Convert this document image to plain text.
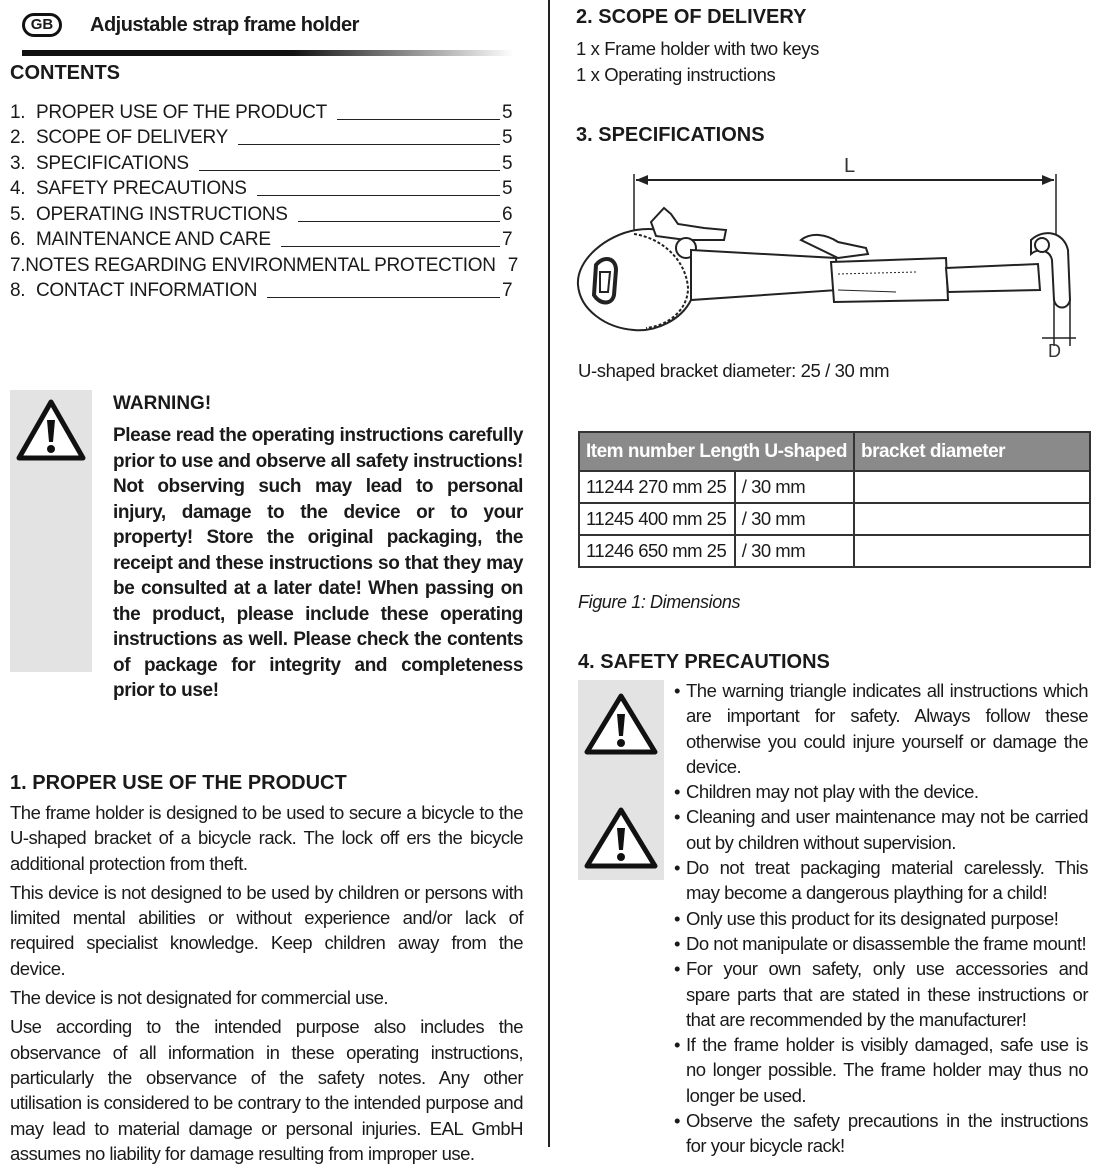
GB	Adjustable strap frame holder
CONTENTS
1. PROPER USE OF THE PRODUCT	5
2. SCOPE OF DELIVERY	5
3. SPECIFICATIONS	5
4. SAFETY PRECAUTIONS	5
5. OPERATING INSTRUCTIONS	6
6. MAINTENANCE AND CARE	7
7. NOTES REGARDING ENVIRONMENTAL PROTECTION 7
8. CONTACT INFORMATION	7
WARNING!

Please read the operating instructions carefully prior to use and observe all safety instructions! Not observing such may lead to personal injury, damage to the device or to your property! Store the original packaging, the receipt and these instructions so that they may be consulted at a later date! When passing on the product, please include these operating instructions as well. Please check the contents of package for integrity and completeness prior to use!

1. PROPER USE OF THE PRODUCT

The frame holder is designed to be used to secure a bicycle to the U-shaped bracket of a bicycle rack. The lock off ers the bicycle additional protection from theft.

This device is not designed to be used by children or persons with limited mental abilities or without experience and/or lack of required specialist knowledge. Keep children away from the device.

The device is not designated for commercial use.

Use according to the intended purpose also includes the observance of all information in these operating instructions, particularly the observance of the safety notes. Any other utilisation is considered to be contrary to the intended purpose and may lead to material damage or personal injuries. EAL GmbH assumes no liability for damage resulting from improper use.

2. SCOPE OF DELIVERY
1 x Frame holder with two keys
1 x Operating instructions
3. SPECIFICATIONS
L
D
U-shaped bracket diameter: 25 / 30 mm
Item number Length U-shaped		bracket diameter
11244 270 mm 25	/ 30 mm	
11245 400 mm 25	/ 30 mm	
11246 650 mm 25	/ 30 mm	
Figure 1: Dimensions
4. SAFETY PRECAUTIONS
• The warning triangle indicates all instructions which are important for safety. Always follow these otherwise you could injure yourself or damage the device.
• Children may not play with the device.
• Cleaning and user maintenance may not be carried out by children without supervision.
• Do not treat packaging material carelessly. This may become a dangerous plaything for a child!
• Only use this product for its designated purpose!
• Do not manipulate or disassemble the frame mount!
• For your own safety, only use accessories and spare parts that are stated in these instructions or that are recommended by the manufacturer!
• If the frame holder is visibly damaged, safe use is no longer possible. The frame holder may thus no longer be used.
• Observe the safety precautions in the instructions for your bicycle rack!
